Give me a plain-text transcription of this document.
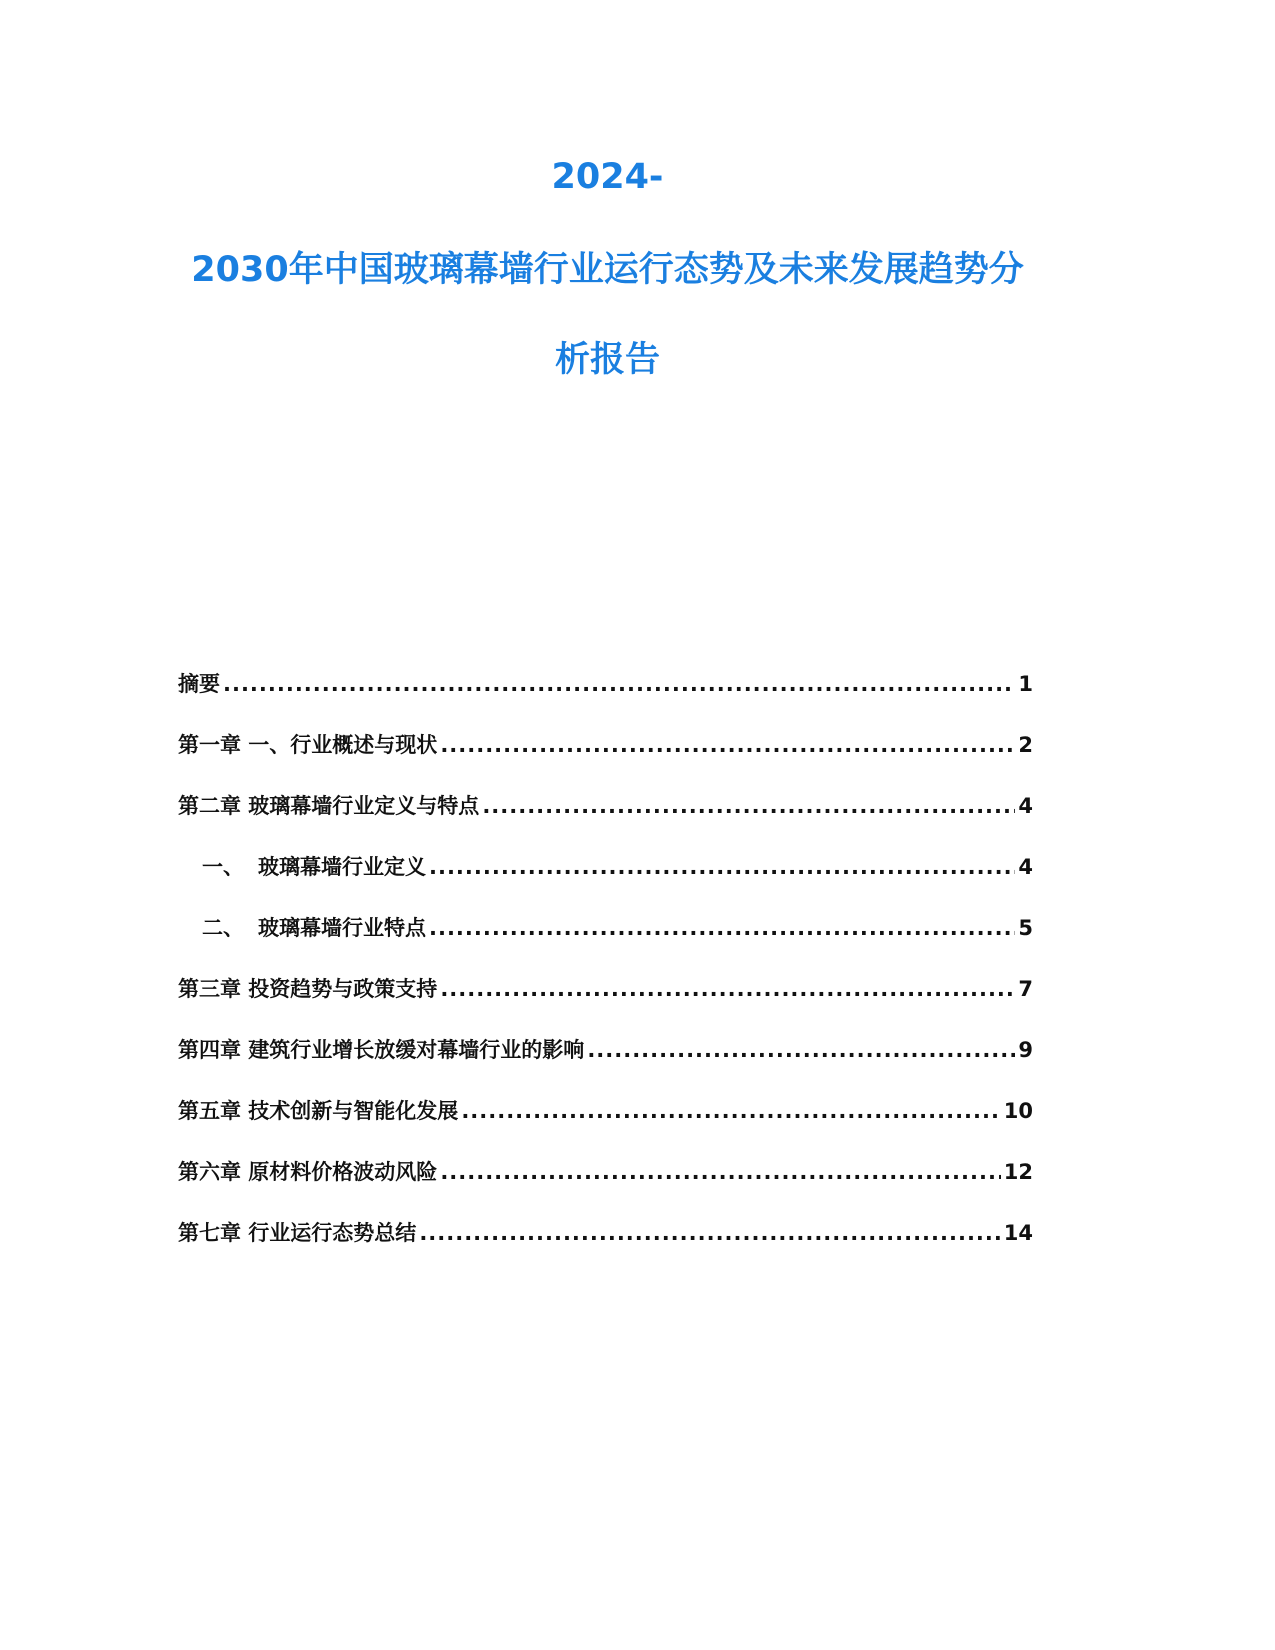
2024-
2030年中国玻璃幕墙行业运行态势及未来发展趋势分
析报告
摘要 .....	1
第一章 一、行业概述与现状 .....	2
第二章 玻璃幕墙行业定义与特点 .....	4
一、 玻璃幕墙行业定义 .....	4
二、 玻璃幕墙行业特点 .....	5
第三章 投资趋势与政策支持 .....	7
第四章 建筑行业增长放缓对幕墙行业的影响 .....	9
第五章 技术创新与智能化发展 .....	10
第六章 原材料价格波动风险 .....	12
第七章 行业运行态势总结 .....	14
